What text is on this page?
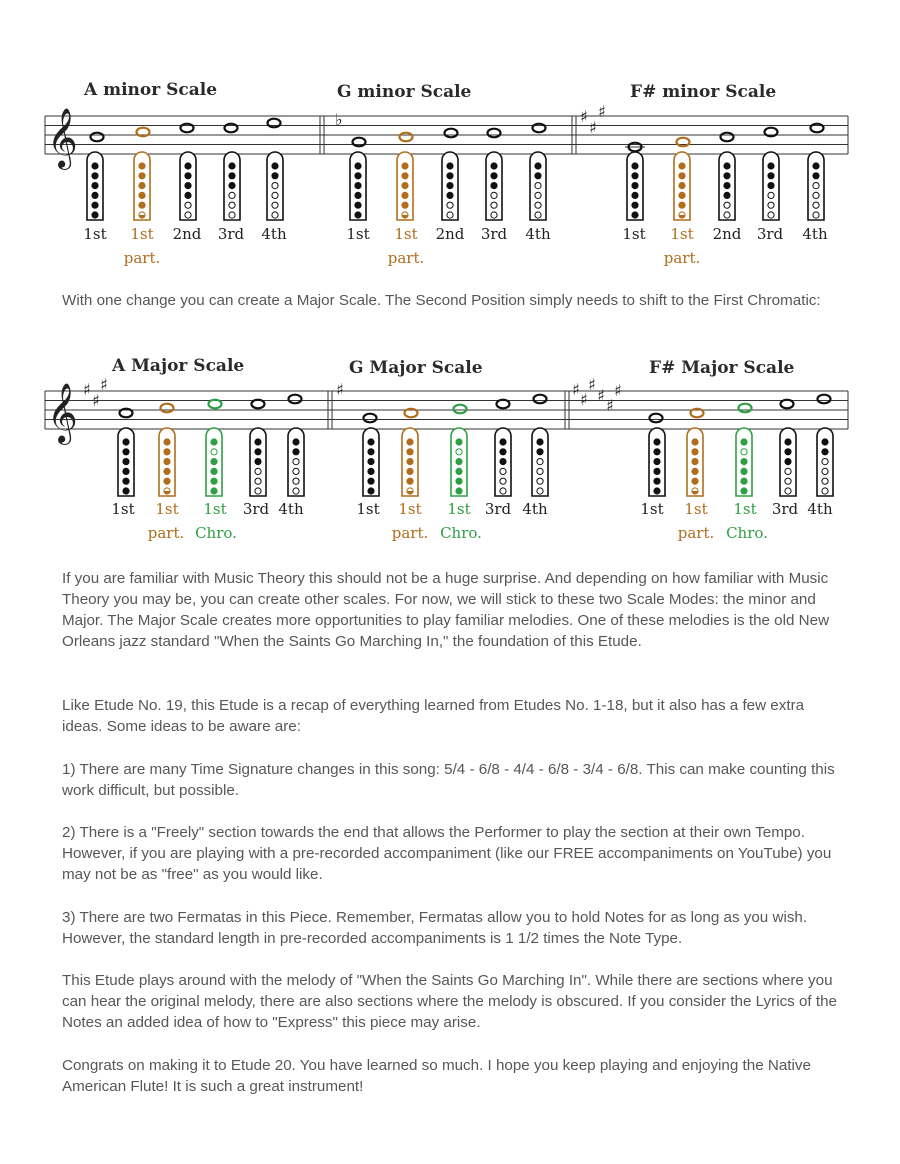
A minor Scale	G minor Scale	F# minor Scale
𝄞	♭	♯
♯
♯
1st 1st 2nd 3rd 4th
part.
1st 1st 2nd 3rd 4th
part.
1st 1st 2nd 3rd 4th
part.

With one change you can create a Major Scale. The Second Position simply needs to shift to the First Chromatic:

A Major Scale	G Major Scale	F# Major Scale
𝄞 ♯
♯
♯	♯	♯
♯
♯
♯
♯
♯
1st 1st 1st 3rd 4th
part. Chro.
1st 1st 1st 3rd 4th
part. Chro.
1st 1st 1st 3rd 4th
part. Chro.

If you are familiar with Music Theory this should not be a huge surprise. And depending on how familiar with Music Theory you may be, you can create other scales. For now, we will stick to these two Scale Modes: the minor and Major. The Major Scale creates more opportunities to play familiar melodies. One of these melodies is the old New Orleans jazz standard "When the Saints Go Marching In," the foundation of this Etude.

Like Etude No. 19, this Etude is a recap of everything learned from Etudes No. 1-18, but it also has a few extra ideas. Some ideas to be aware are:

1) There are many Time Signature changes in this song: 5/4 - 6/8 - 4/4 - 6/8 - 3/4 - 6/8. This can make counting this work difficult, but possible.

2) There is a "Freely" section towards the end that allows the Performer to play the section at their own Tempo. However, if you are playing with a pre-recorded accompaniment (like our FREE accompaniments on YouTube) you may not be as "free" as you would like.

3) There are two Fermatas in this Piece. Remember, Fermatas allow you to hold Notes for as long as you wish. However, the standard length in pre-recorded accompaniments is 1 1/2 times the Note Type.

This Etude plays around with the melody of "When the Saints Go Marching In". While there are sections where you can hear the original melody, there are also sections where the melody is obscured. If you consider the Lyrics of the Notes an added idea of how to "Express" this piece may arise.

Congrats on making it to Etude 20. You have learned so much. I hope you keep playing and enjoying the Native American Flute! It is such a great instrument!
